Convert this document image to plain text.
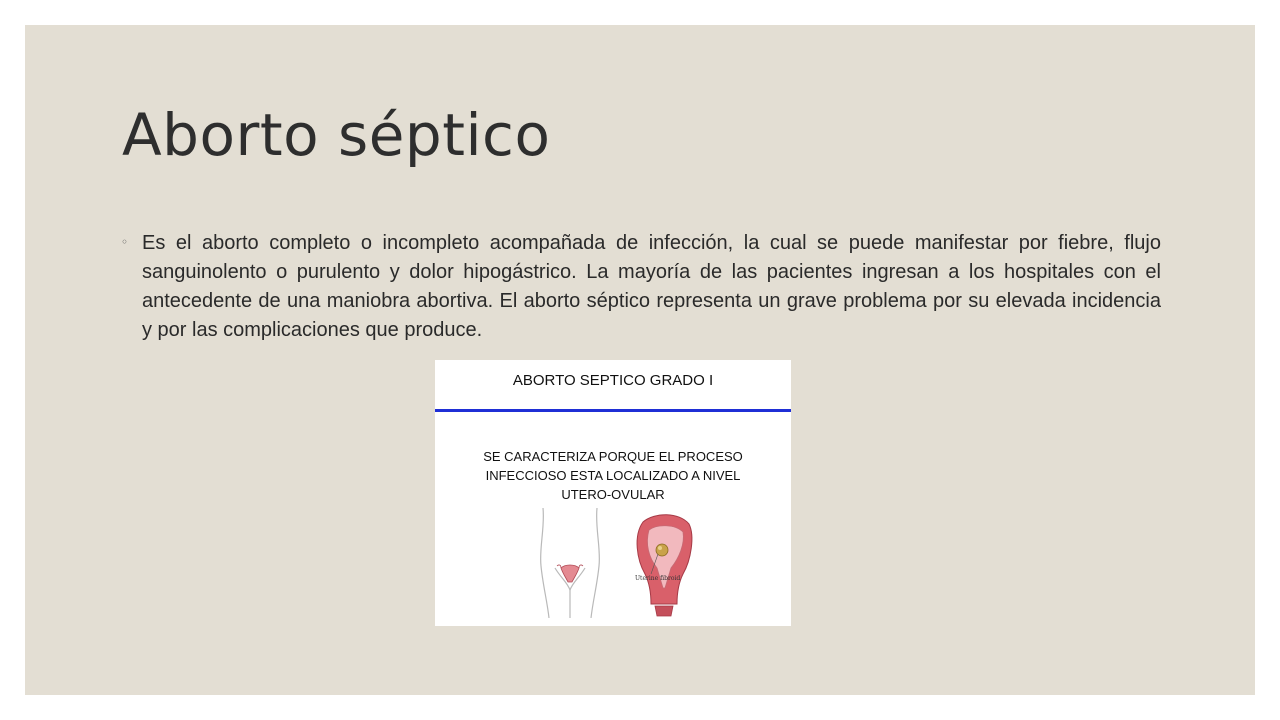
Aborto séptico
◦ Es el aborto completo o incompleto acompañada de infección, la cual se puede manifestar por fiebre, flujo sanguinolento o purulento y dolor hipogástrico. La mayoría de las pacientes ingresan a los hospitales con el antecedente de una maniobra abortiva. El aborto séptico representa un grave problema por su elevada incidencia y por las complicaciones que produce.

ABORTO SEPTICO GRADO I

SE CARACTERIZA PORQUE EL PROCESO INFECCIOSO ESTA LOCALIZADO A NIVEL UTERO-OVULAR

Uterine fibroid
